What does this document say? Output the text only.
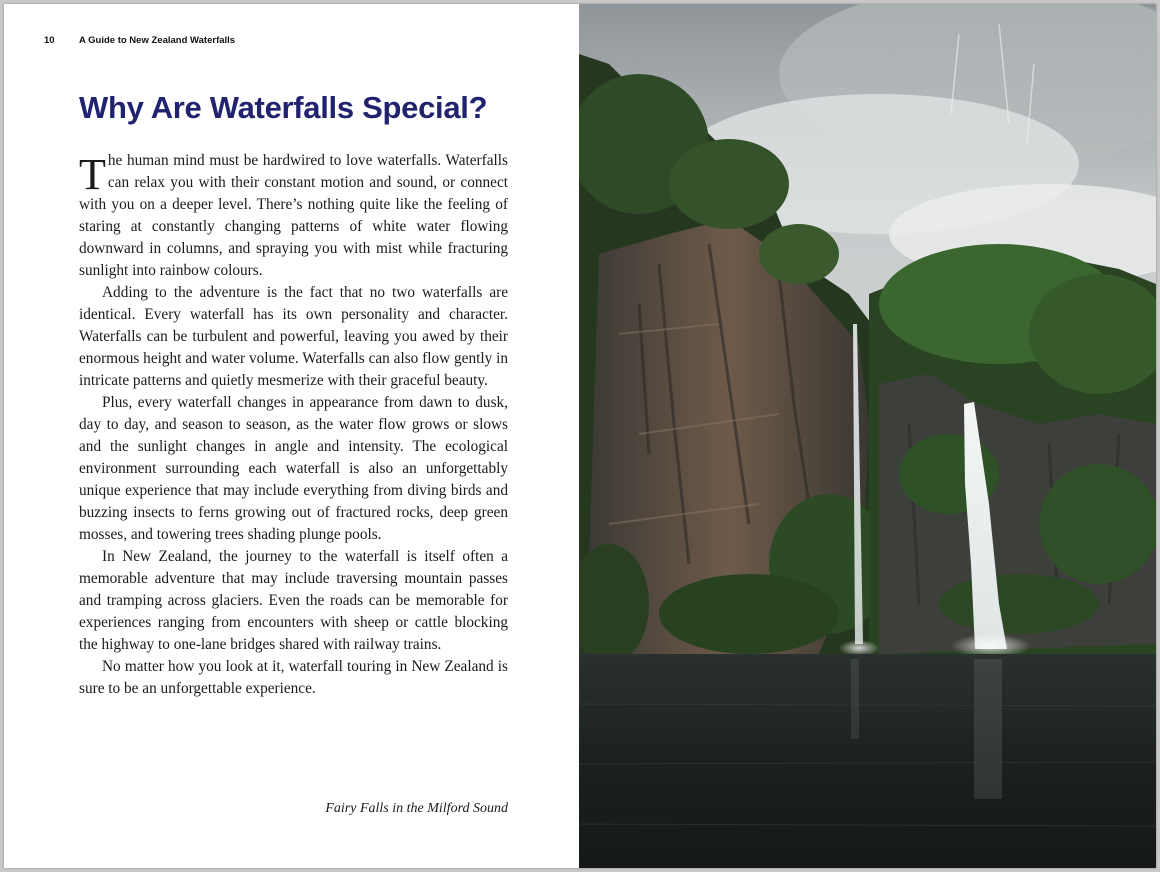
10	A Guide to New Zealand Waterfalls
Why Are Waterfalls Special?

The human mind must be hardwired to love waterfalls. Waterfalls can relax you with their constant motion and sound, or connect with you on a deeper level. There’s nothing quite like the feeling of staring at constantly changing patterns of white water flowing downward in columns, and spraying you with mist while fracturing sunlight into rainbow colours.

Adding to the adventure is the fact that no two waterfalls are identical. Every waterfall has its own personality and character. Waterfalls can be turbulent and powerful, leaving you awed by their enormous height and water volume. Waterfalls can also flow gently in intricate patterns and quietly mesmerize with their graceful beauty.

Plus, every waterfall changes in appearance from dawn to dusk, day to day, and season to season, as the water flow grows or slows and the sunlight changes in angle and intensity. The ecological environment surrounding each waterfall is also an unforgettably unique experience that may include everything from diving birds and buzzing insects to ferns growing out of fractured rocks, deep green mosses, and towering trees shading plunge pools.

In New Zealand, the journey to the waterfall is itself often a memorable adventure that may include traversing mountain passes and tramping across glaciers. Even the roads can be memorable for experiences ranging from encounters with sheep or cattle blocking the highway to one-lane bridges shared with railway trains.

No matter how you look at it, waterfall touring in New Zealand is sure to be an unforgettable experience.

Fairy Falls in the Milford Sound
